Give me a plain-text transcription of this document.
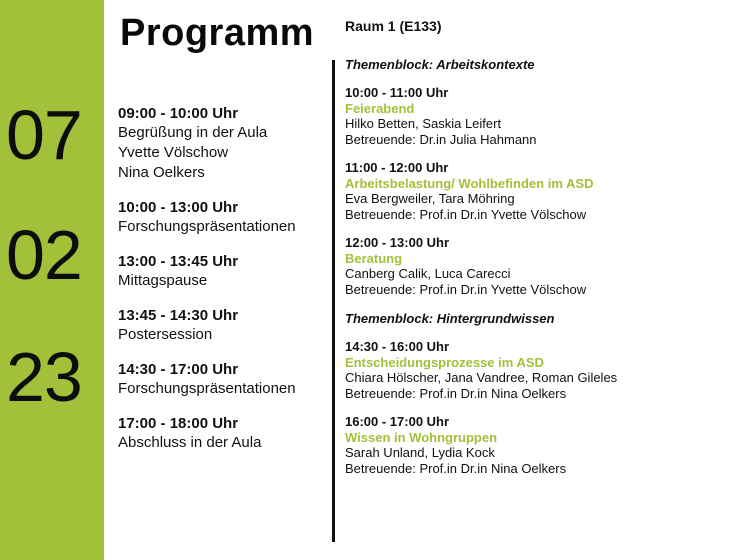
07
02
23
Programm
09:00 - 10:00 Uhr
Begrüßung in der Aula
Yvette Völschow
Nina Oelkers
10:00 - 13:00 Uhr
Forschungspräsentationen
13:00 - 13:45 Uhr
Mittagspause
13:45 - 14:30 Uhr
Postersession
14:30 - 17:00 Uhr
Forschungspräsentationen
17:00 - 18:00 Uhr
Abschluss in der Aula
Raum 1 (E133)
Themenblock: Arbeitskontexte
10:00 - 11:00 Uhr
Feierabend
Hilko Betten, Saskia Leifert
Betreuende: Dr.in Julia Hahmann
11:00 - 12:00 Uhr
Arbeitsbelastung/ Wohlbefinden im ASD
Eva Bergweiler, Tara Möhring
Betreuende: Prof.in Dr.in Yvette Völschow
12:00 - 13:00 Uhr
Beratung
Canberg Calik, Luca Carecci
Betreuende: Prof.in Dr.in Yvette Völschow
Themenblock: Hintergrundwissen
14:30 - 16:00 Uhr
Entscheidungsprozesse im ASD
Chiara Hölscher, Jana Vandree, Roman Gileles
Betreuende: Prof.in Dr.in Nina Oelkers
16:00 - 17:00 Uhr
Wissen in Wohngruppen
Sarah Unland, Lydia Kock
Betreuende: Prof.in Dr.in Nina Oelkers
